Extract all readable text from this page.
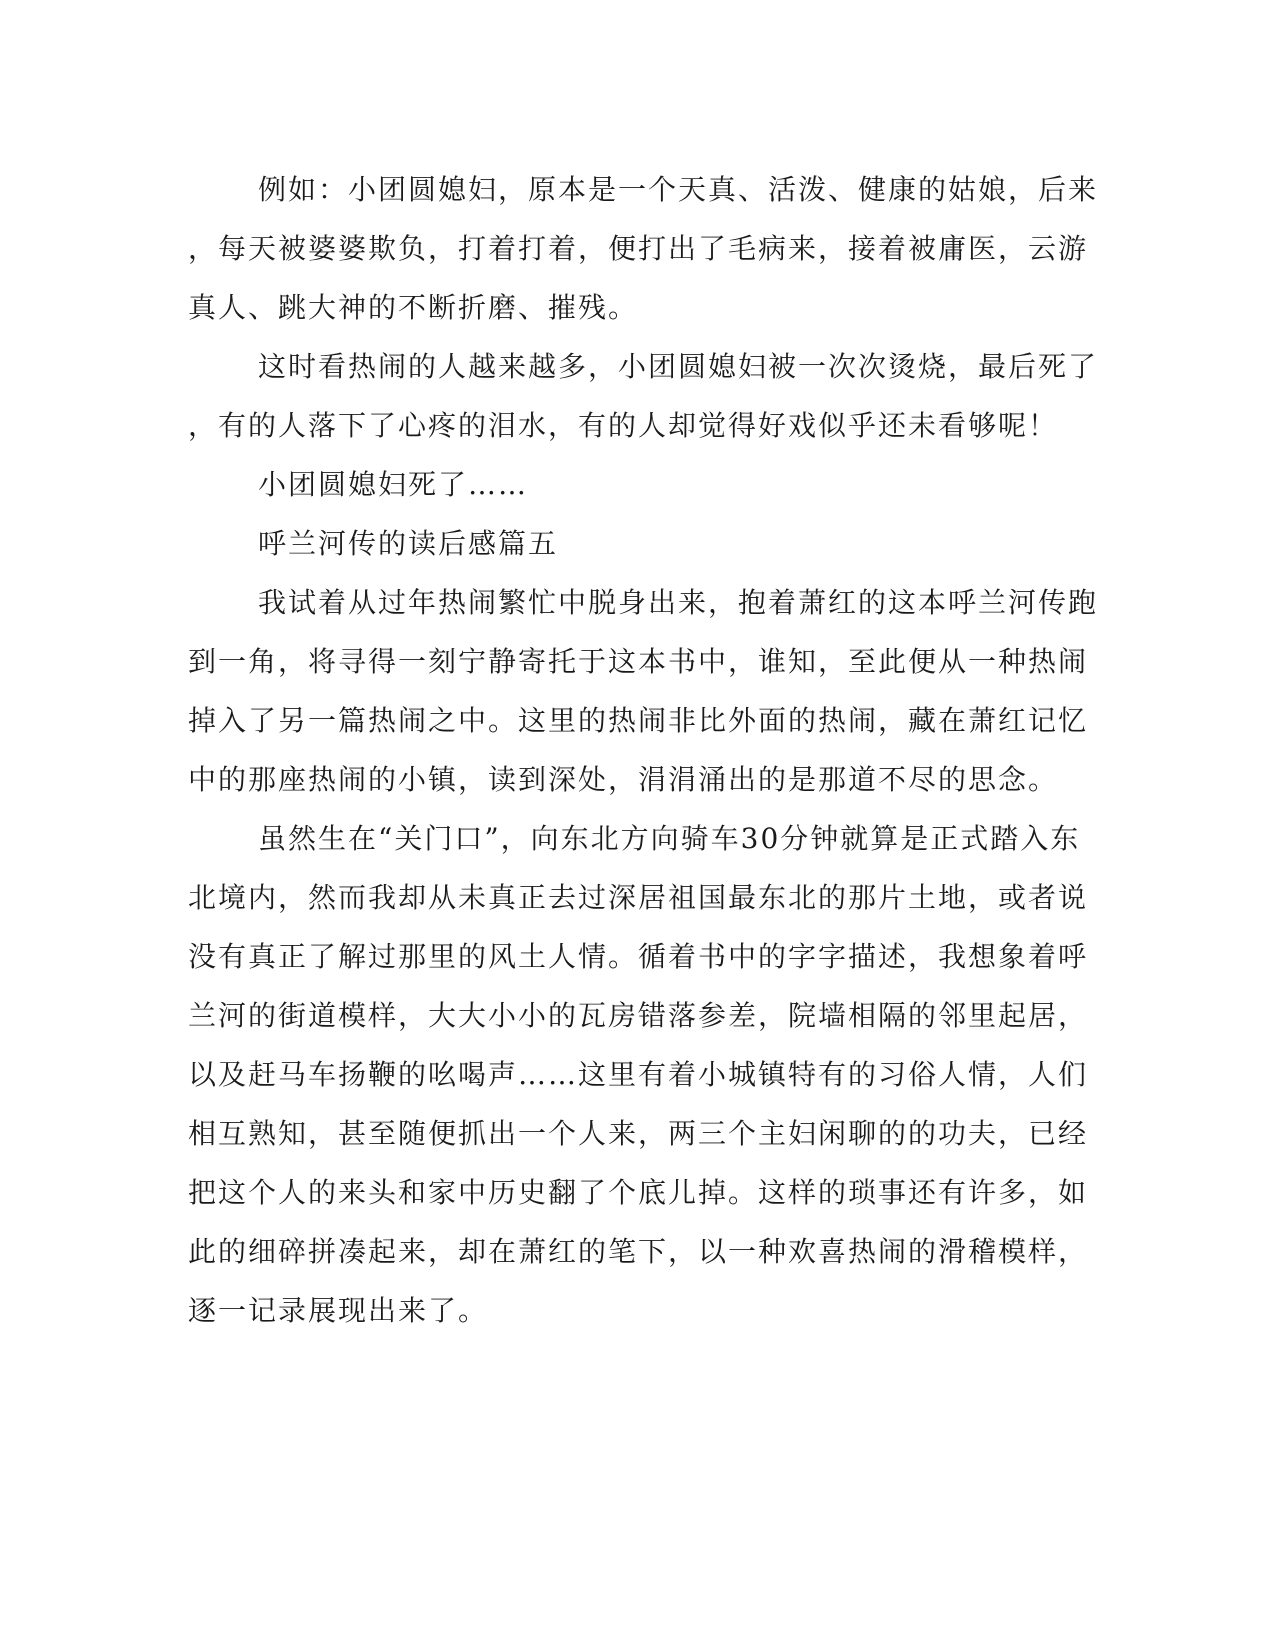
例如：小团圆媳妇，原本是一个天真、活泼、健康的姑娘，后来
，每天被婆婆欺负，打着打着，便打出了毛病来，接着被庸医，云游
真人、跳大神的不断折磨、摧残。

这时看热闹的人越来越多，小团圆媳妇被一次次烫烧，最后死了
，有的人落下了心疼的泪水，有的人却觉得好戏似乎还未看够呢！

小团圆媳妇死了……

呼兰河传的读后感篇五

我试着从过年热闹繁忙中脱身出来，抱着萧红的这本呼兰河传跑
到一角，将寻得一刻宁静寄托于这本书中，谁知，至此便从一种热闹
掉入了另一篇热闹之中。这里的热闹非比外面的热闹，藏在萧红记忆
中的那座热闹的小镇，读到深处，涓涓涌出的是那道不尽的思念。

虽然生在“关门口”，向东北方向骑车30分钟就算是正式踏入东
北境内，然而我却从未真正去过深居祖国最东北的那片土地，或者说
没有真正了解过那里的风土人情。循着书中的字字描述，我想象着呼
兰河的街道模样，大大小小的瓦房错落参差，院墙相隔的邻里起居，
以及赶马车扬鞭的吆喝声……这里有着小城镇特有的习俗人情，人们
相互熟知，甚至随便抓出一个人来，两三个主妇闲聊的的功夫，已经
把这个人的来头和家中历史翻了个底儿掉。这样的琐事还有许多，如
此的细碎拼凑起来，却在萧红的笔下，以一种欢喜热闹的滑稽模样，
逐一记录展现出来了。
